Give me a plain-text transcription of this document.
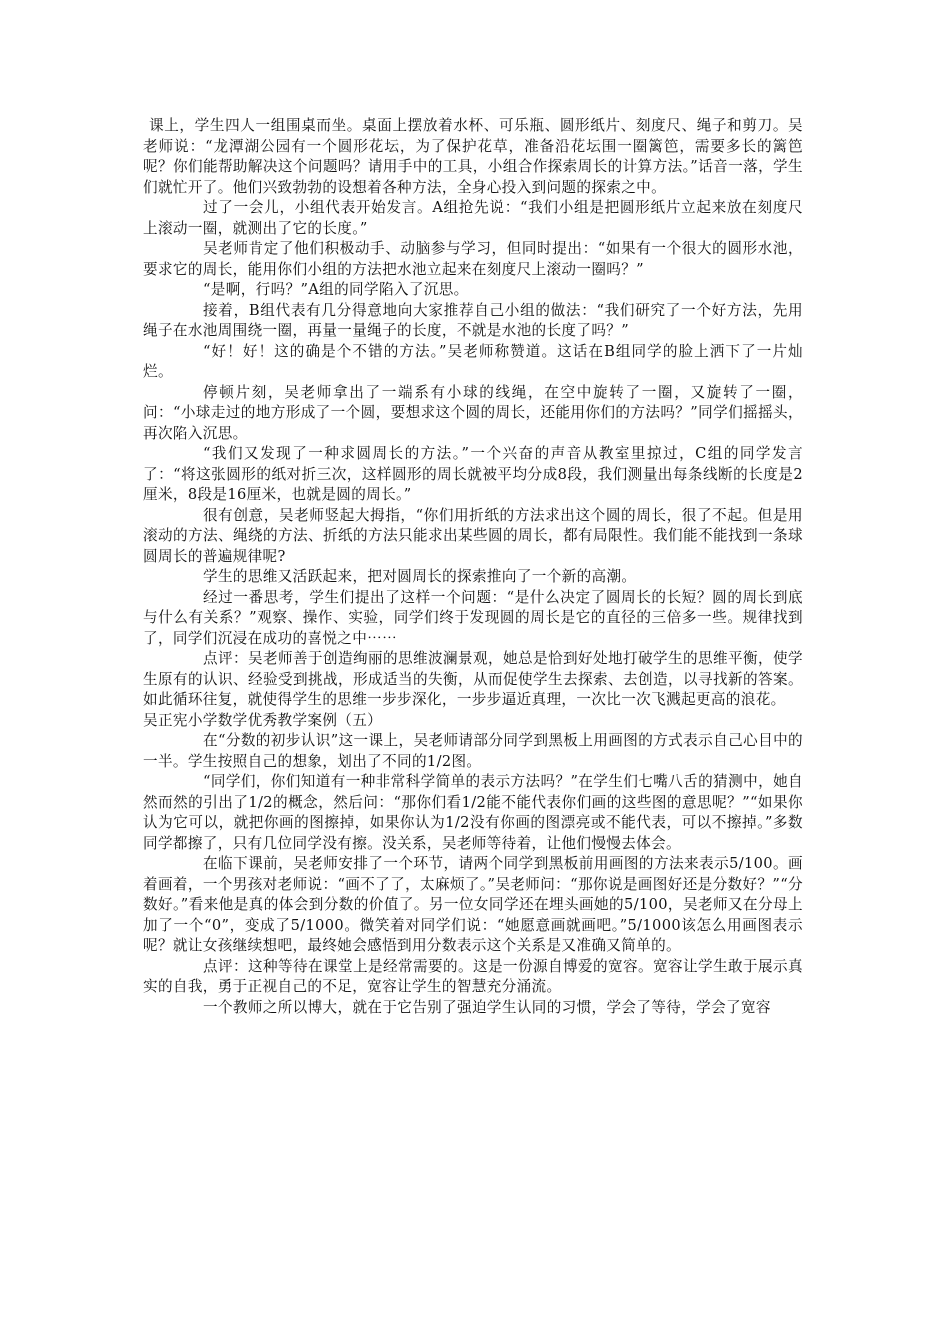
课上，学生四人一组围桌而坐。桌面上摆放着水杯、可乐瓶、圆形纸片、刻度尺、绳子和剪刀。吴老师说：“龙潭湖公园有一个圆形花坛，为了保护花草，准备沿花坛围一圈篱笆，需要多长的篱笆呢？你们能帮助解决这个问题吗？请用手中的工具，小组合作探索周长的计算方法。”话音一落，学生们就忙开了。他们兴致勃勃的设想着各种方法，全身心投入到问题的探索之中。

过了一会儿，小组代表开始发言。A组抢先说：“我们小组是把圆形纸片立起来放在刻度尺上滚动一圈，就测出了它的长度。”

吴老师肯定了他们积极动手、动脑参与学习，但同时提出：“如果有一个很大的圆形水池，要求它的周长，能用你们小组的方法把水池立起来在刻度尺上滚动一圈吗？”

“是啊，行吗？”A组的同学陷入了沉思。

接着，B组代表有几分得意地向大家推荐自己小组的做法：“我们研究了一个好方法，先用绳子在水池周围绕一圈，再量一量绳子的长度，不就是水池的长度了吗？”

“好！好！这的确是个不错的方法。”吴老师称赞道。这话在B组同学的脸上洒下了一片灿烂。

停顿片刻，吴老师拿出了一端系有小球的线绳，在空中旋转了一圈，又旋转了一圈，问：“小球走过的地方形成了一个圆，要想求这个圆的周长，还能用你们的方法吗？”同学们摇摇头，再次陷入沉思。

“我们又发现了一种求圆周长的方法。”一个兴奋的声音从教室里掠过，C组的同学发言了：“将这张圆形的纸对折三次，这样圆形的周长就被平均分成8段，我们测量出每条线断的长度是2厘米，8段是16厘米，也就是圆的周长。”

很有创意，吴老师竖起大拇指，“你们用折纸的方法求出这个圆的周长，很了不起。但是用滚动的方法、绳绕的方法、折纸的方法只能求出某些圆的周长，都有局限性。我们能不能找到一条球圆周长的普遍规律呢?

学生的思维又活跃起来，把对圆周长的探索推向了一个新的高潮。

经过一番思考，学生们提出了这样一个问题：“是什么决定了圆周长的长短？圆的周长到底与什么有关系？”观察、操作、实验，同学们终于发现圆的周长是它的直径的三倍多一些。规律找到了，同学们沉浸在成功的喜悦之中⋯⋯

点评：吴老师善于创造绚丽的思维波澜景观，她总是恰到好处地打破学生的思维平衡，使学生原有的认识、经验受到挑战，形成适当的失衡，从而促使学生去探索、去创造，以寻找新的答案。如此循环往复，就使得学生的思维一步步深化，一步步逼近真理，一次比一次飞溅起更高的浪花。

吴正宪小学数学优秀教学案例（五）

在“分数的初步认识”这一课上，吴老师请部分同学到黑板上用画图的方式表示自己心目中的一半。学生按照自己的想象，划出了不同的1/2图。

“同学们，你们知道有一种非常科学简单的表示方法吗？”在学生们七嘴八舌的猜测中，她自然而然的引出了1/2的概念，然后问：“那你们看1/2能不能代表你们画的这些图的意思呢？”“如果你认为它可以，就把你画的图擦掉，如果你认为1/2没有你画的图漂亮或不能代表，可以不擦掉。”多数同学都擦了，只有几位同学没有擦。没关系，吴老师等待着，让他们慢慢去体会。

在临下课前，吴老师安排了一个环节，请两个同学到黑板前用画图的方法来表示5/100。画着画着，一个男孩对老师说：“画不了了，太麻烦了。”吴老师问：“那你说是画图好还是分数好？”“分数好。”看来他是真的体会到分数的价值了。另一位女同学还在埋头画她的5/100，吴老师又在分母上加了一个“0”，变成了5/1000。微笑着对同学们说：“她愿意画就画吧。”5/1000该怎么用画图表示呢？就让女孩继续想吧，最终她会感悟到用分数表示这个关系是又准确又简单的。

点评：这种等待在课堂上是经常需要的。这是一份源自博爱的宽容。宽容让学生敢于展示真实的自我，勇于正视自己的不足，宽容让学生的智慧充分涌流。

一个教师之所以博大，就在于它告别了强迫学生认同的习惯，学会了等待，学会了宽容
